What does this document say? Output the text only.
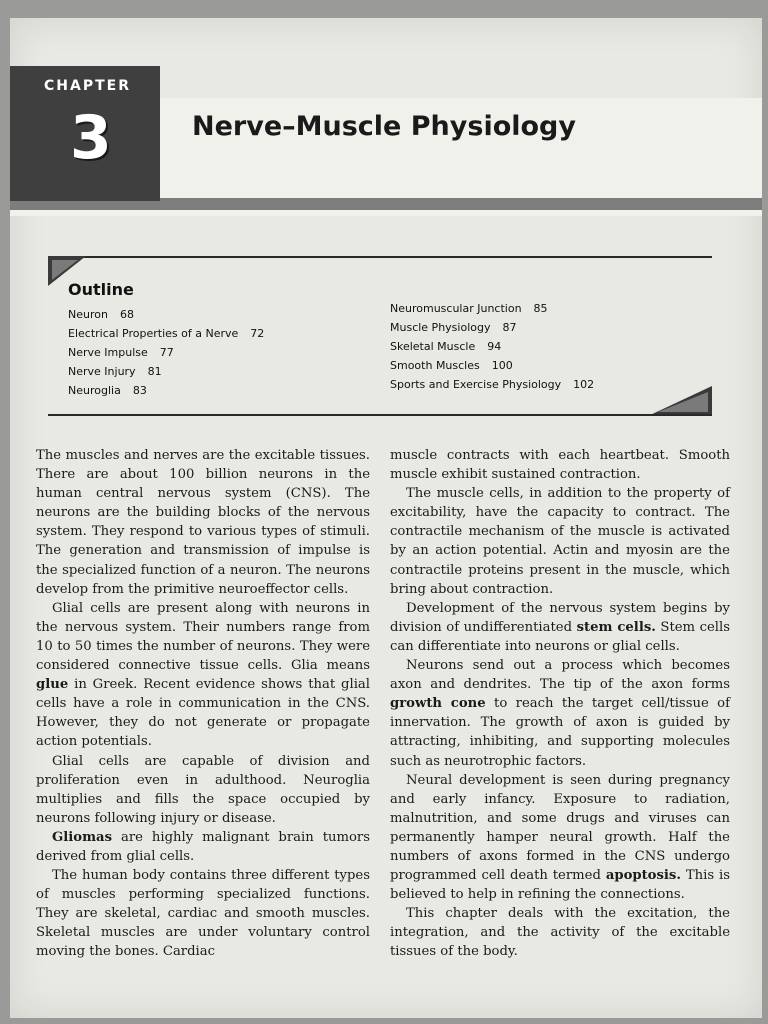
CHAPTER
3	Nerve–Muscle Physiology
Outline
Neuron 68
Electrical Properties of a Nerve 72
Nerve Impulse 77
Nerve Injury 81
Neuroglia 83
Neuromuscular Junction 85
Muscle Physiology 87
Skeletal Muscle 94
Smooth Muscles 100
Sports and Exercise Physiology 102

The muscles and nerves are the excitable tissues. There are about 100 billion neurons in the human central nervous system (CNS). The neurons are the building blocks of the nervous system. They respond to various types of stimuli. The generation and transmission of impulse is the specialized function of a neuron. The neurons develop from the primitive neuroeffector cells.

Glial cells are present along with neurons in the nervous system. Their numbers range from 10 to 50 times the number of neurons. They were considered connective tissue cells. Glia means glue in Greek. Recent evidence shows that glial cells have a role in communication in the CNS. However, they do not generate or propagate action potentials.

Glial cells are capable of division and proliferation even in adulthood. Neuroglia multiplies and fills the space occupied by neurons following injury or disease.

Gliomas are highly malignant brain tumors derived from glial cells.

The human body contains three different types of muscles performing specialized functions. They are skeletal, cardiac and smooth muscles. Skeletal muscles are under voluntary control moving the bones. Cardiac

muscle contracts with each heartbeat. Smooth muscle exhibit sustained contraction.

The muscle cells, in addition to the property of excitability, have the capacity to contract. The contractile mechanism of the muscle is activated by an action potential. Actin and myosin are the contractile proteins present in the muscle, which bring about contraction.

Development of the nervous system begins by division of undifferentiated stem cells. Stem cells can differentiate into neurons or glial cells.

Neurons send out a process which becomes axon and dendrites. The tip of the axon forms growth cone to reach the target cell/tissue of innervation. The growth of axon is guided by attracting, inhibiting, and supporting molecules such as neurotrophic factors.

Neural development is seen during pregnancy and early infancy. Exposure to radiation, malnutrition, and some drugs and viruses can permanently hamper neural growth. Half the numbers of axons formed in the CNS undergo programmed cell death termed apoptosis. This is believed to help in refining the connections.

This chapter deals with the excitation, the integration, and the activity of the excitable tissues of the body.
